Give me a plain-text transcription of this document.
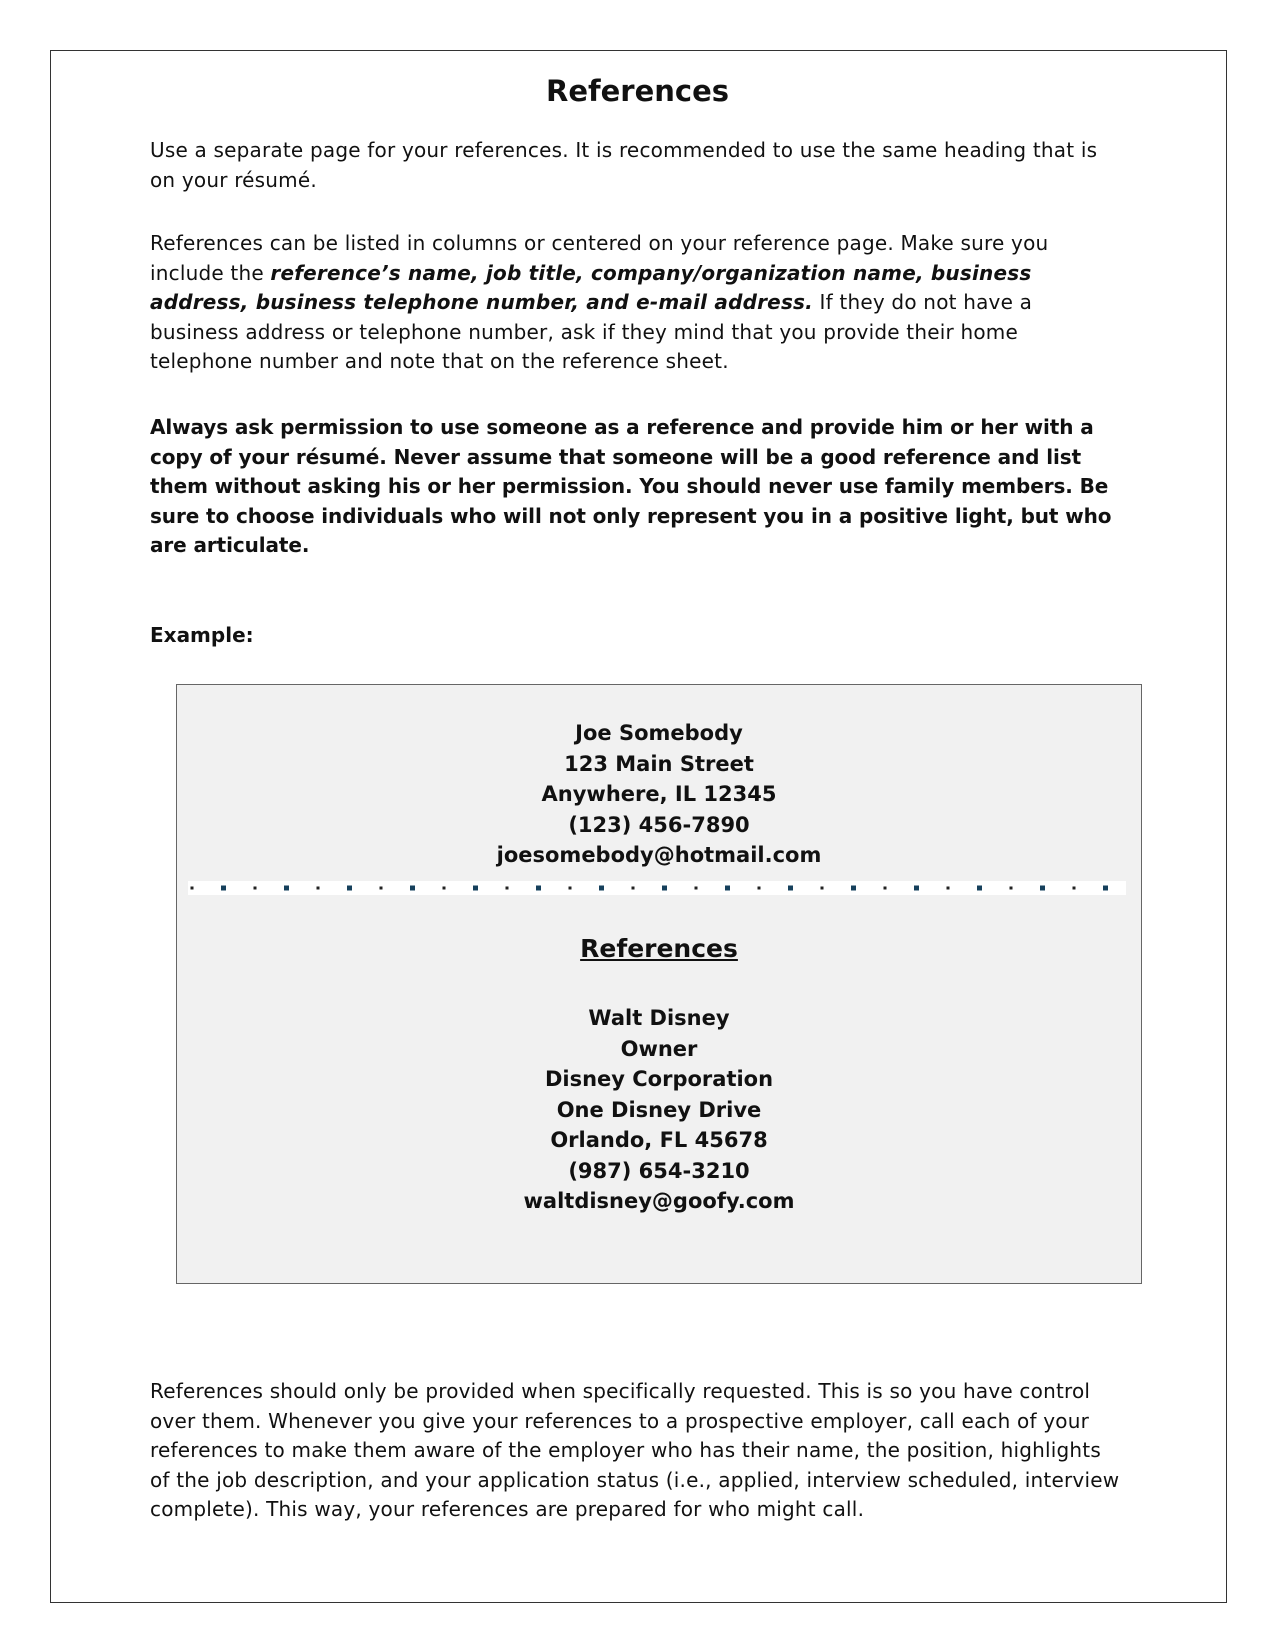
References

Use a separate page for your references. It is recommended to use the same heading that is on your résumé.

References can be listed in columns or centered on your reference page. Make sure you include the reference’s name, job title, company/organization name, business address, business telephone number, and e-mail address. If they do not have a business address or telephone number, ask if they mind that you provide their home telephone number and note that on the reference sheet.

Always ask permission to use someone as a reference and provide him or her with a copy of your résumé. Never assume that someone will be a good reference and list them without asking his or her permission. You should never use family members. Be sure to choose individuals who will not only represent you in a positive light, but who are articulate.

Example:
Joe Somebody
123 Main Street
Anywhere, IL 12345
(123) 456-7890
joesomebody@hotmail.com
References
Walt Disney
Owner
Disney Corporation
One Disney Drive
Orlando, FL 45678
(987) 654-3210
waltdisney@goofy.com

References should only be provided when specifically requested. This is so you have control over them. Whenever you give your references to a prospective employer, call each of your references to make them aware of the employer who has their name, the position, highlights of the job description, and your application status (i.e., applied, interview scheduled, interview complete). This way, your references are prepared for who might call.
